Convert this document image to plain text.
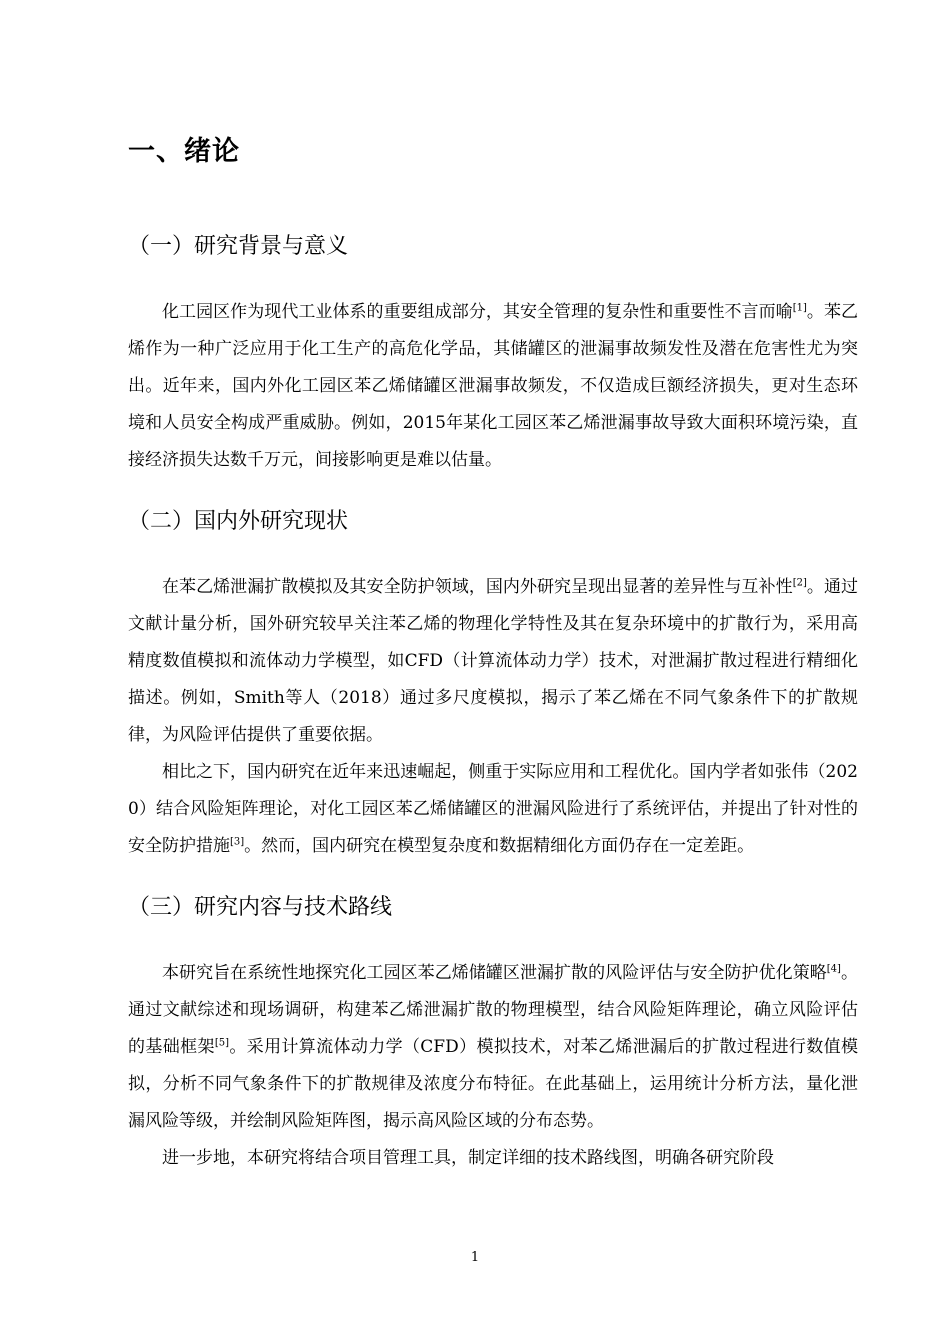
一、绪论
（一）研究背景与意义

化工园区作为现代工业体系的重要组成部分，其安全管理的复杂性和重要性不言而喻[1]。苯乙烯作为一种广泛应用于化工生产的高危化学品，其储罐区的泄漏事故频发性及潜在危害性尤为突出。近年来，国内外化工园区苯乙烯储罐区泄漏事故频发，不仅造成巨额经济损失，更对生态环境和人员安全构成严重威胁。例如，2015年某化工园区苯乙烯泄漏事故导致大面积环境污染，直接经济损失达数千万元，间接影响更是难以估量。

（二）国内外研究现状

在苯乙烯泄漏扩散模拟及其安全防护领域，国内外研究呈现出显著的差异性与互补性[2]。通过文献计量分析，国外研究较早关注苯乙烯的物理化学特性及其在复杂环境中的扩散行为，采用高精度数值模拟和流体动力学模型，如CFD（计算流体动力学）技术，对泄漏扩散过程进行精细化描述。例如，Smith等人（2018）通过多尺度模拟，揭示了苯乙烯在不同气象条件下的扩散规律，为风险评估提供了重要依据。

相比之下，国内研究在近年来迅速崛起，侧重于实际应用和工程优化。国内学者如张伟（2020）结合风险矩阵理论，对化工园区苯乙烯储罐区的泄漏风险进行了系统评估，并提出了针对性的安全防护措施[3]。然而，国内研究在模型复杂度和数据精细化方面仍存在一定差距。

（三）研究内容与技术路线

本研究旨在系统性地探究化工园区苯乙烯储罐区泄漏扩散的风险评估与安全防护优化策略[4]。通过文献综述和现场调研，构建苯乙烯泄漏扩散的物理模型，结合风险矩阵理论，确立风险评估的基础框架[5]。采用计算流体动力学（CFD）模拟技术，对苯乙烯泄漏后的扩散过程进行数值模拟，分析不同气象条件下的扩散规律及浓度分布特征。在此基础上，运用统计分析方法，量化泄漏风险等级，并绘制风险矩阵图，揭示高风险区域的分布态势。

进一步地，本研究将结合项目管理工具，制定详细的技术路线图，明确各研究阶段

1
